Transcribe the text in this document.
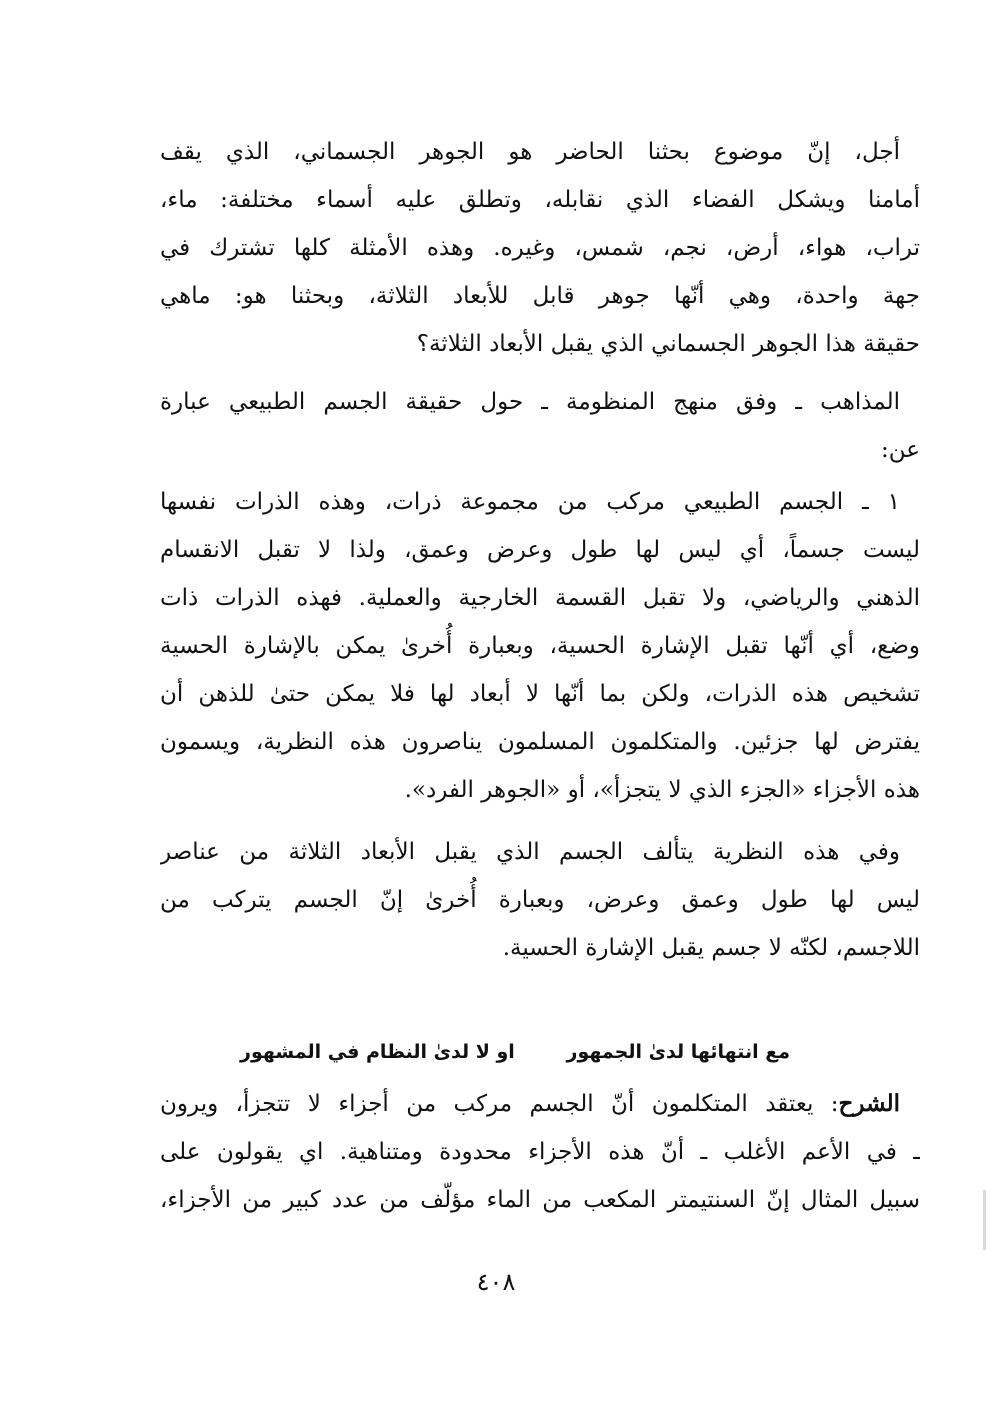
أجل، إنّ موضوع بحثنا الحاضر هو الجوهر الجسماني، الذي يقف
أمامنا ويشكل الفضاء الذي نقابله، وتطلق عليه أسماء مختلفة: ماء،
تراب، هواء، أرض، نجم، شمس، وغيره. وهذه الأمثلة كلها تشترك في
جهة واحدة، وهي أنّها جوهر قابل للأبعاد الثلاثة، وبحثنا هو: ماهي
حقيقة هذا الجوهر الجسماني الذي يقبل الأبعاد الثلاثة؟
المذاهب ـ وفق منهج المنظومة ـ حول حقيقة الجسم الطبيعي عبارة
عن:
١ ـ الجسم الطبيعي مركب من مجموعة ذرات، وهذه الذرات نفسها
ليست جسماً، أي ليس لها طول وعرض وعمق، ولذا لا تقبل الانقسام
الذهني والرياضي، ولا تقبل القسمة الخارجية والعملية. فهذه الذرات ذات
وضع، أي أنّها تقبل الإشارة الحسية، وبعبارة أُخرىٰ يمكن بالإشارة الحسية
تشخيص هذه الذرات، ولكن بما أنّها لا أبعاد لها فلا يمكن حتىٰ للذهن أن
يفترض لها جزئين. والمتكلمون المسلمون يناصرون هذه النظرية، ويسمون
هذه الأجزاء «الجزء الذي لا يتجزأ»، أو «الجوهر الفرد».
وفي هذه النظرية يتألف الجسم الذي يقبل الأبعاد الثلاثة من عناصر
ليس لها طول وعمق وعرض، وبعبارة أُخرىٰ إنّ الجسم يتركب من
اللاجسم، لكنّه لا جسم يقبل الإشارة الحسية.
مع انتهائها لدىٰ الجمهور
او لا لدىٰ النظام في المشهور
الشرح: يعتقد المتكلمون أنّ الجسم مركب من أجزاء لا تتجزأ، ويرون
ـ في الأعم الأغلب ـ أنّ هذه الأجزاء محدودة ومتناهية. اي يقولون على
سبيل المثال إنّ السنتيمتر المكعب من الماء مؤلّف من عدد كبير من الأجزاء،
٤٠٨
